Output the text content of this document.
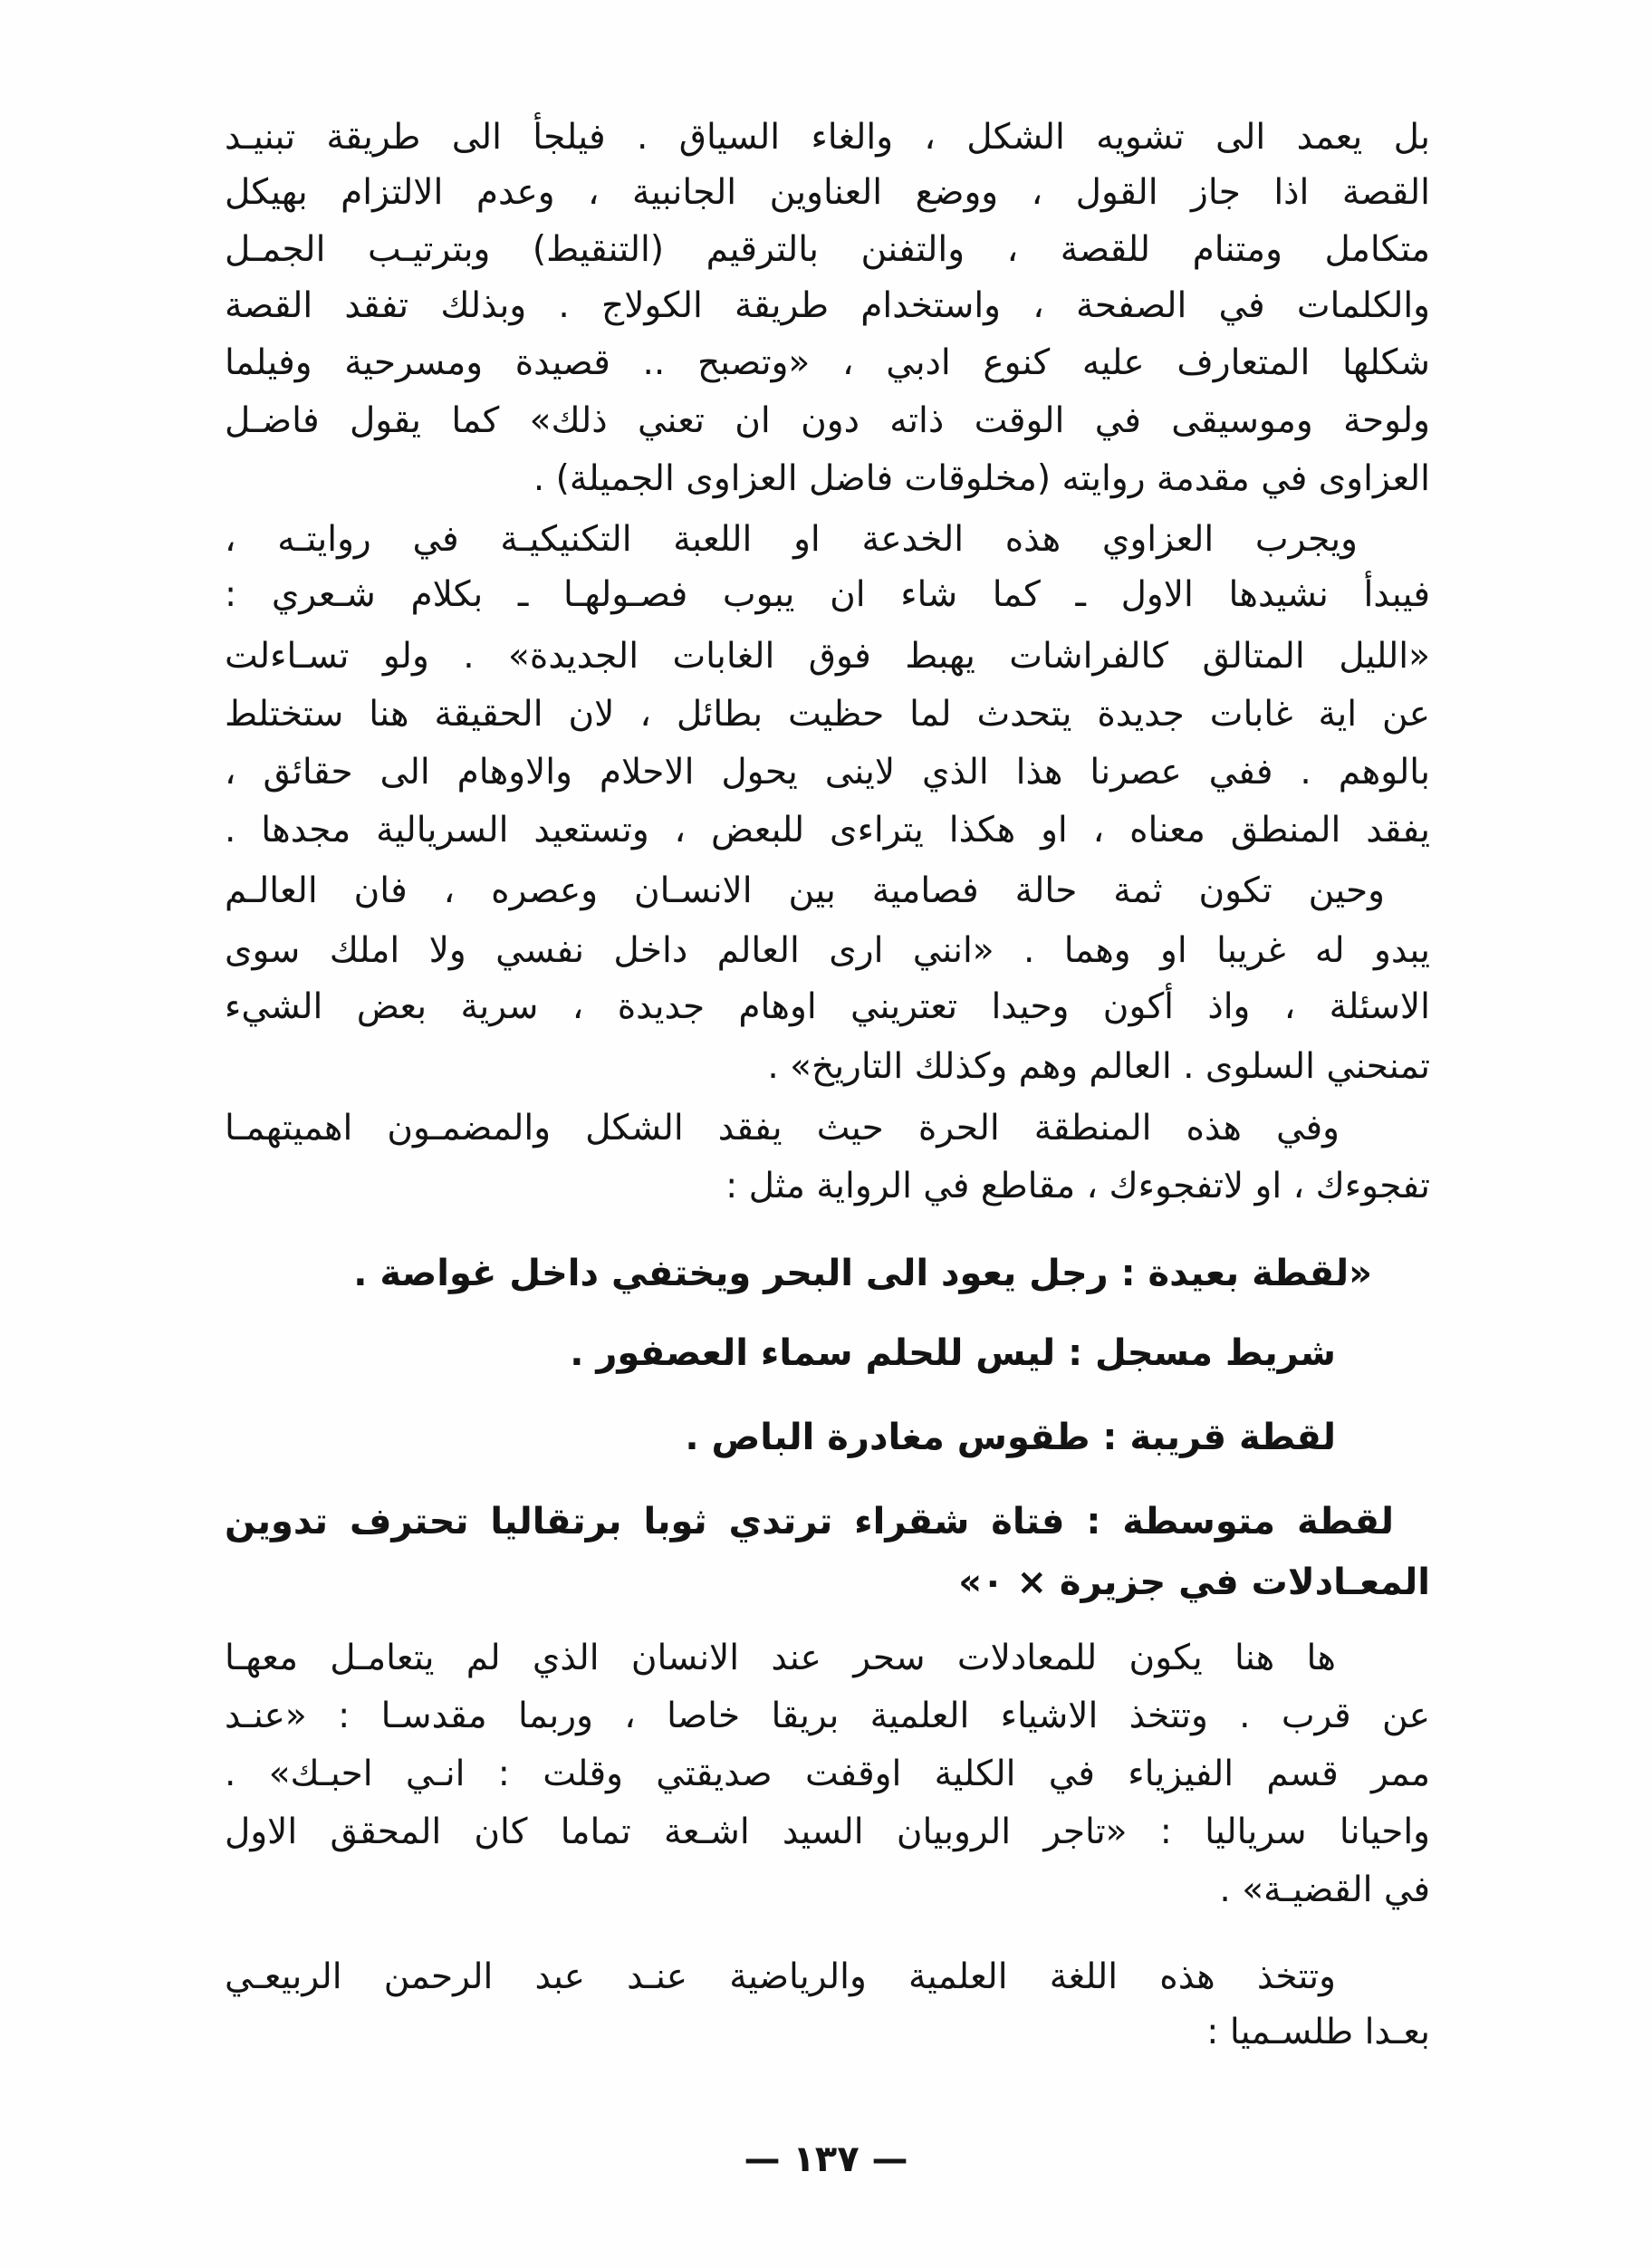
بل يعمد الى تشويه الشكل ، والغاء السياق . فيلجأ الى طريقة تبنيـد
القصة اذا جاز القول ، ووضع العناوين الجانبية ، وعدم الالتزام بهيكل
متكامل ومتنام للقصة ، والتفنن بالترقيم (التنقيط) وبترتيـب الجمـل
والكلمات في الصفحة ، واستخدام طريقة الكولاج . وبذلك تفقد القصة
شكلها المتعارف عليه كنوع ادبي ، «وتصبح .. قصيدة ومسرحية وفيلما
ولوحة وموسيقى في الوقت ذاته دون ان تعني ذلك» كما يقول فاضـل
العزاوى في مقدمة روايته (مخلوقات فاضل العزاوى الجميلة) .
ويجرب العزاوي هذه الخدعة او اللعبة التكنيكيـة في روايتـه ،
فيبدأ نشيدها الاول ـ كما شاء ان يبوب فصـولهـا ـ بكلام شـعري :
«الليل المتالق كالفراشات يهبط فوق الغابات الجديدة» . ولو تسـاءلت
عن اية غابات جديدة يتحدث لما حظيت بطائل ، لان الحقيقة هنا ستختلط
بالوهم . ففي عصرنا هذا الذي لاينى يحول الاحلام والاوهام الى حقائق ،
يفقد المنطق معناه ، او هكذا يتراءى للبعض ، وتستعيد السريالية مجدها .
وحين تكون ثمة حالة فصامية بين الانسـان وعصره ، فان العالـم
يبدو له غريبا او وهما . «انني ارى العالم داخل نفسي ولا املك سوى
الاسئلة ، واذ أكون وحيدا تعتريني اوهام جديدة ، سرية بعض الشيء
تمنحني السلوى . العالم وهم وكذلك التاريخ» .
وفي هذه المنطقة الحرة حيث يفقد الشكل والمضمـون اهميتهمـا
تفجوءك ، او لاتفجوءك ، مقاطع في الرواية مثل :
«لقطة بعيدة : رجل يعود الى البحر ويختفي داخل غواصة .
شريط مسجل : ليس للحلم سماء العصفور .
لقطة قريبة : طقوس مغادرة الباص .
لقطة متوسطة : فتاة شقراء ترتدي ثوبا برتقاليا تحترف تدوين
المعـادلات في جزيرة × ٠»
ها هنا يكون للمعادلات سحر عند الانسان الذي لم يتعامـل معهـا
عن قرب . وتتخذ الاشياء العلمية بريقا خاصا ، وربما مقدسـا : «عنـد
ممر قسم الفيزياء في الكلية اوقفت صديقتي وقلت : انـي احبـك» .
واحيانا سرياليا : «تاجر الروبيان السيد اشـعة تماما كان المحقق الاول
في القضيـة» .
وتتخذ هذه اللغة العلمية والرياضية عنـد عبد الرحمن الربيعـي
بعـدا طلسـميا :
— ١٣٧ —
